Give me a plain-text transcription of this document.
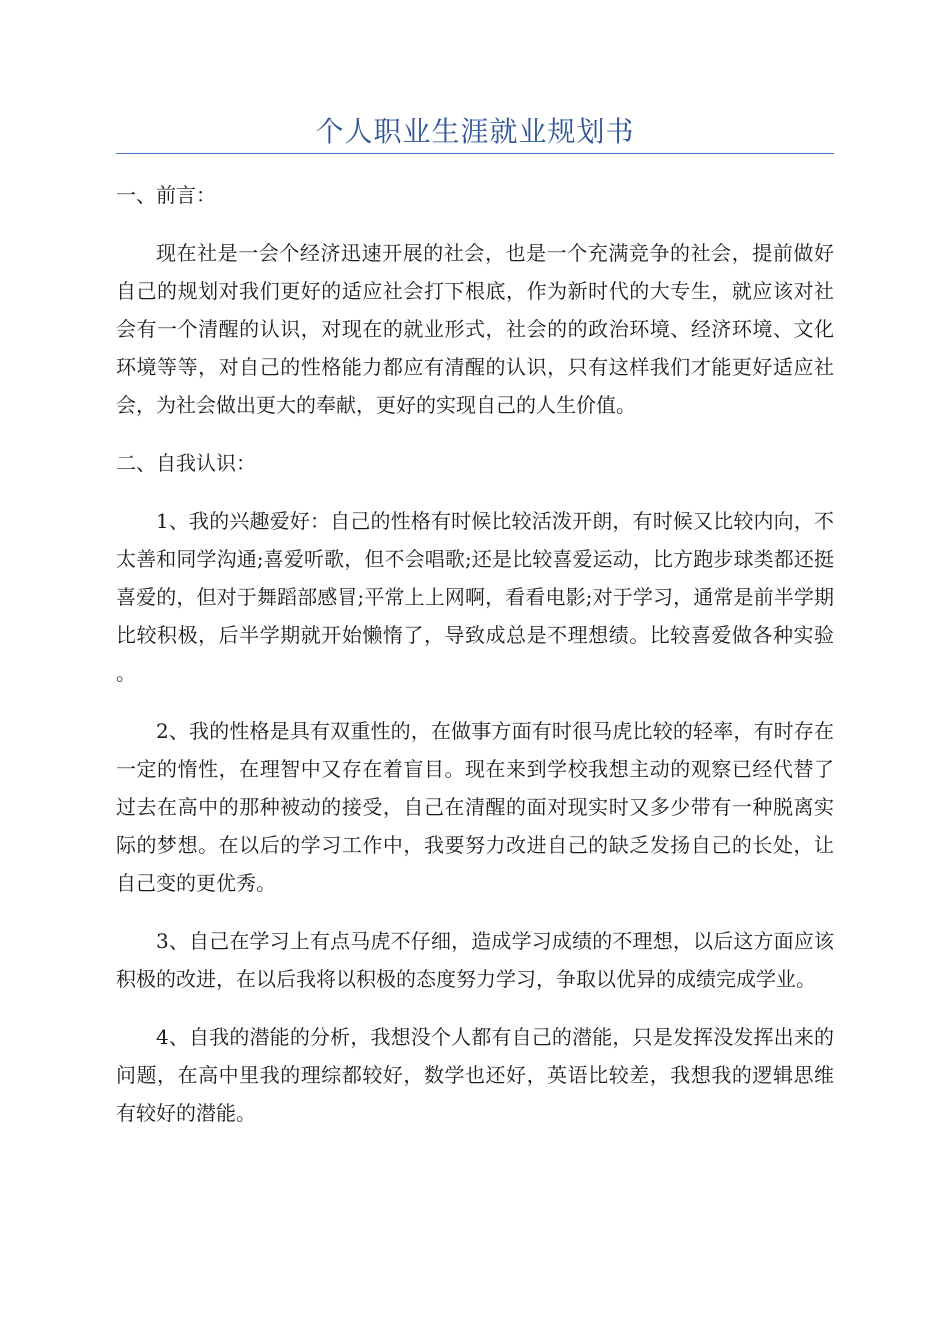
个人职业生涯就业规划书

一、前言：

现在社是一会个经济迅速开展的社会，也是一个充满竞争的社会，提前做好自己的规划对我们更好的适应社会打下根底，作为新时代的大专生，就应该对社会有一个清醒的认识，对现在的就业形式，社会的的政治环境、经济环境、文化环境等等，对自己的性格能力都应有清醒的认识，只有这样我们才能更好适应社会，为社会做出更大的奉献，更好的实现自己的人生价值。

二、自我认识：

1、我的兴趣爱好：自己的性格有时候比较活泼开朗，有时候又比较内向，不太善和同学沟通;喜爱听歌，但不会唱歌;还是比较喜爱运动，比方跑步球类都还挺喜爱的，但对于舞蹈部感冒;平常上上网啊，看看电影;对于学习，通常是前半学期比较积极，后半学期就开始懒惰了，导致成总是不理想绩。比较喜爱做各种实验。

2、我的性格是具有双重性的，在做事方面有时很马虎比较的轻率，有时存在一定的惰性，在理智中又存在着盲目。现在来到学校我想主动的观察已经代替了过去在高中的那种被动的接受，自己在清醒的面对现实时又多少带有一种脱离实际的梦想。在以后的学习工作中，我要努力改进自己的缺乏发扬自己的长处，让自己变的更优秀。

3、自己在学习上有点马虎不仔细，造成学习成绩的不理想，以后这方面应该积极的改进，在以后我将以积极的态度努力学习，争取以优异的成绩完成学业。

4、自我的潜能的分析，我想没个人都有自己的潜能，只是发挥没发挥出来的问题，在高中里我的理综都较好，数学也还好，英语比较差，我想我的逻辑思维有较好的潜能。
